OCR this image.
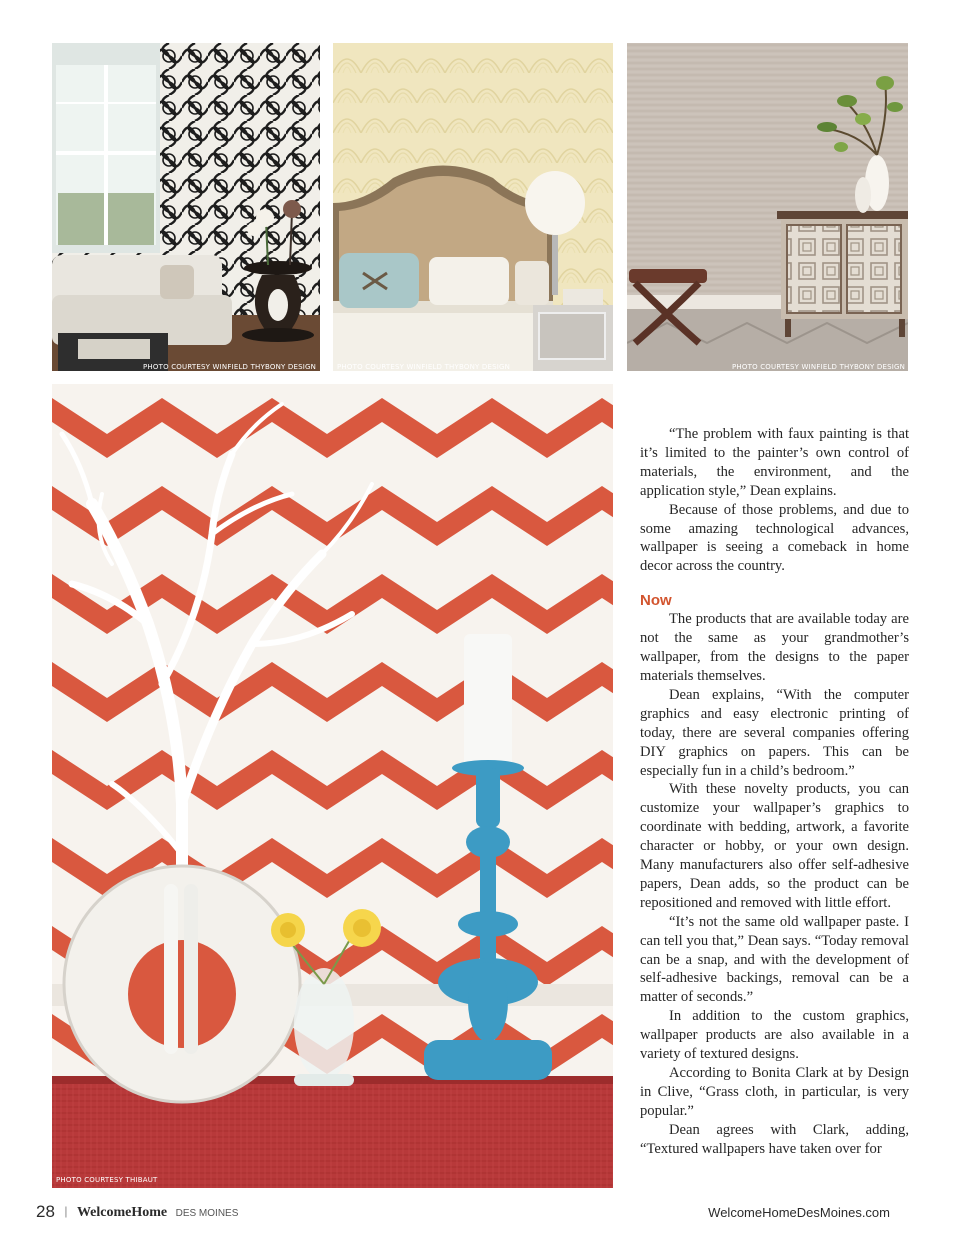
PHOTO COURTESY WINFIELD THYBONY DESIGN	PHOTO COURTESY WINFIELD THYBONY DESIGN	PHOTO COURTESY WINFIELD THYBONY DESIGN
PHOTO COURTESY THIBAUT

“The problem with faux painting is that it’s limited to the painter’s own control of materials, the environment, and the application style,” Dean explains.

Because of those problems, and due to some amazing technological advances, wallpaper is seeing a comeback in home decor across the country.

Now

The products that are available today are not the same as your grandmother’s wallpaper, from the designs to the paper materials themselves.

Dean explains, “With the computer graphics and easy electronic printing of today, there are several companies offering DIY graphics on papers. This can be especially fun in a child’s bedroom.”

With these novelty products, you can customize your wallpaper’s graphics to coordinate with bedding, artwork, a favorite character or hobby, or your own design. Many manufacturers also offer self-adhesive papers, Dean adds, so the product can be repositioned and removed with little effort.

“It’s not the same old wallpaper paste. I can tell you that,” Dean says. “Today removal can be a snap, and with the development of self-adhesive backings, removal can be a matter of seconds.”

In addition to the custom graphics, wallpaper products are also available in a variety of textured designs.

According to Bonita Clark at by Design in Clive, “Grass cloth, in particular, is very popular.”

Dean agrees with Clark, adding, “Textured wallpapers have taken over for

28 | WelcomeHome DES MOINES	WelcomeHomeDesMoines.com
